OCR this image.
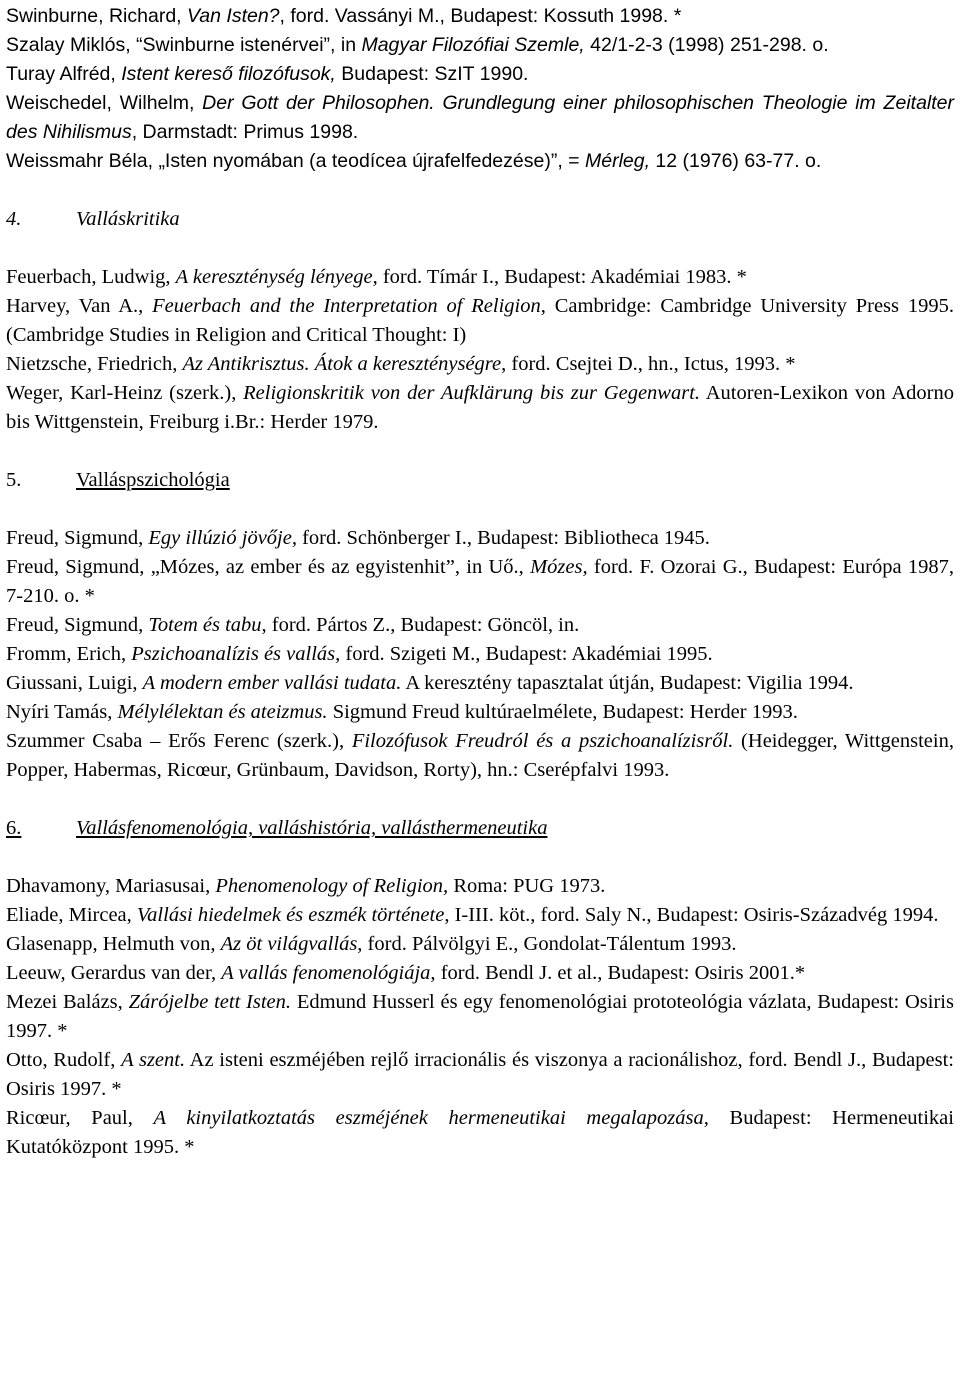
Swinburne, Richard, Van Isten?, ford. Vassányi M., Budapest: Kossuth 1998. *

Szalay Miklós, “Swinburne istenérvei”, in Magyar Filozófiai Szemle, 42/1-2-3 (1998) 251-298. o.

Turay Alfréd, Istent kereső filozófusok, Budapest: SzIT 1990.

Weischedel, Wilhelm, Der Gott der Philosophen. Grundlegung einer philosophischen Theologie im Zeitalter des Nihilismus, Darmstadt: Primus 1998.

Weissmahr Béla, „Isten nyomában (a teodícea újrafelfedezése)”, = Mérleg, 12 (1976) 63-77. o.

4.	Valláskritika

Feuerbach, Ludwig, A kereszténység lényege, ford. Tímár I., Budapest: Akadémiai 1983. *

Harvey, Van A., Feuerbach and the Interpretation of Religion, Cambridge: Cambridge University Press 1995. (Cambridge Studies in Religion and Critical Thought: I)

Nietzsche, Friedrich, Az Antikrisztus. Átok a kereszténységre, ford. Csejtei D., hn., Ictus, 1993. *

Weger, Karl-Heinz (szerk.), Religionskritik von der Aufklärung bis zur Gegenwart. Autoren-Lexikon von Adorno bis Wittgenstein, Freiburg i.Br.: Herder 1979.

5.	Valláspszichológia

Freud, Sigmund, Egy illúzió jövője, ford. Schönberger I., Budapest: Bibliotheca 1945.

Freud, Sigmund, „Mózes, az ember és az egyistenhit”, in Uő., Mózes, ford. F. Ozorai G., Budapest: Európa 1987, 7-210. o. *

Freud, Sigmund, Totem és tabu, ford. Pártos Z., Budapest: Göncöl, in.

Fromm, Erich, Pszichoanalízis és vallás, ford. Szigeti M., Budapest: Akadémiai 1995.

Giussani, Luigi, A modern ember vallási tudata. A keresztény tapasztalat útján, Budapest: Vigilia 1994.

Nyíri Tamás, Mélylélektan és ateizmus. Sigmund Freud kultúraelmélete, Budapest: Herder 1993.

Szummer Csaba – Erős Ferenc (szerk.), Filozófusok Freudról és a pszichoanalízisről. (Heidegger, Wittgenstein, Popper, Habermas, Ricœur, Grünbaum, Davidson, Rorty), hn.: Cserépfalvi 1993.

6.	Vallásfenomenológia, valláshistória, vallásthermeneutika

Dhavamony, Mariasusai, Phenomenology of Religion, Roma: PUG 1973.

Eliade, Mircea, Vallási hiedelmek és eszmék története, I-III. köt., ford. Saly N., Budapest: Osiris-Századvég 1994.

Glasenapp, Helmuth von, Az öt világvallás, ford. Pálvölgyi E., Gondolat-Tálentum 1993.

Leeuw, Gerardus van der, A vallás fenomenológiája, ford. Bendl J. et al., Budapest: Osiris 2001.*

Mezei Balázs, Zárójelbe tett Isten. Edmund Husserl és egy fenomenológiai prototeológia vázlata, Budapest: Osiris 1997. *

Otto, Rudolf, A szent. Az isteni eszméjében rejlő irracionális és viszonya a racionálishoz, ford. Bendl J., Budapest: Osiris 1997. *

Ricœur, Paul, A kinyilatkoztatás eszméjének hermeneutikai megalapozása, Budapest: Hermeneutikai Kutatóközpont 1995. *
